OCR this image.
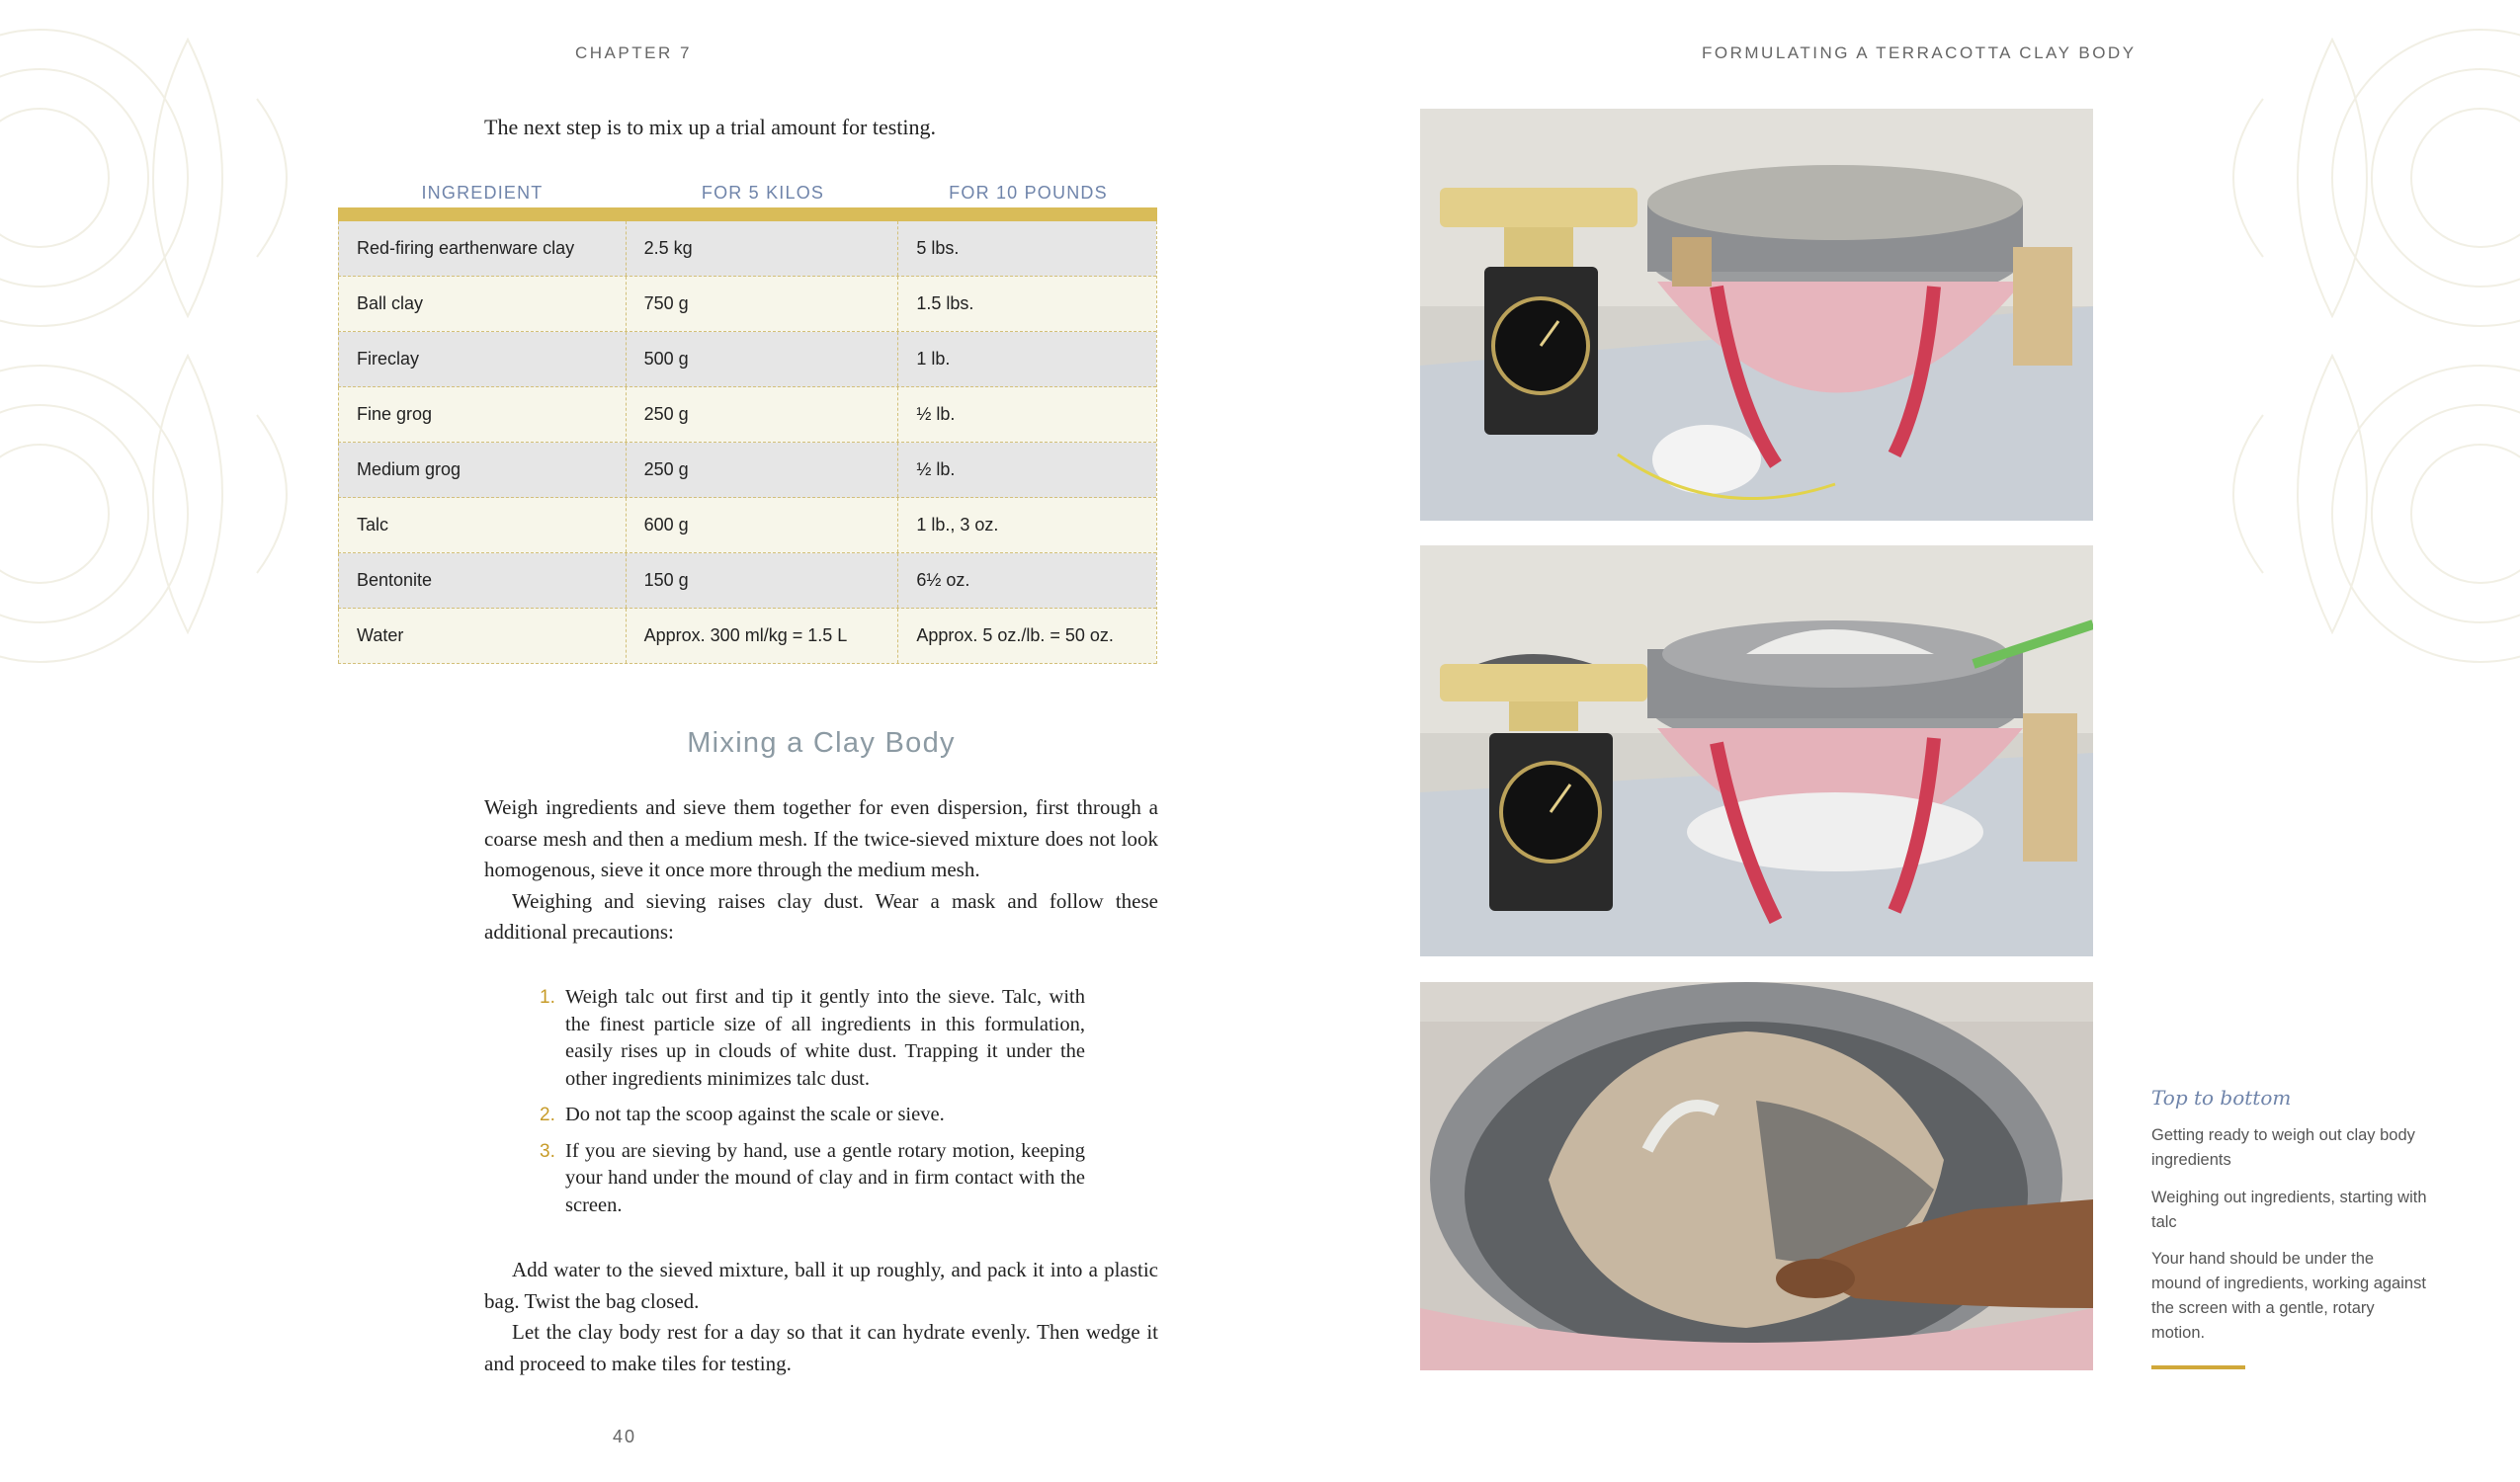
CHAPTER 7
The next step is to mix up a trial amount for testing.
INGREDIENT	FOR 5 KILOS	FOR 10 POUNDS
Red-firing earthenware clay	2.5 kg	5 lbs.
Ball clay	750 g	1.5 lbs.
Fireclay	500 g	1 lb.
Fine grog	250 g	½ lb.
Medium grog	250 g	½ lb.
Talc	600 g	1 lb., 3 oz.
Bentonite	150 g	6½ oz.
Water	Approx. 300 ml/kg = 1.5 L	Approx. 5 oz./lb. = 50 oz.
Mixing a Clay Body

Weigh ingredients and sieve them together for even dispersion, first through a coarse mesh and then a medium mesh. If the twice-sieved mixture does not look homogenous, sieve it once more through the medium mesh.

Weighing and sieving raises clay dust. Wear a mask and follow these additional precautions:

1. Weigh talc out first and tip it gently into the sieve. Talc, with the finest particle size of all ingredients in this formulation, easily rises up in clouds of white dust. Trapping it under the other ingredients minimizes talc dust.
2. Do not tap the scoop against the scale or sieve.
3. If you are sieving by hand, use a gentle rotary motion, keeping your hand under the mound of clay and in firm contact with the screen.

Add water to the sieved mixture, ball it up roughly, and pack it into a plastic bag. Twist the bag closed.

Let the clay body rest for a day so that it can hydrate evenly. Then wedge it and proceed to make tiles for testing.

40
FORMULATING A TERRACOTTA CLAY BODY
Top to bottom
Getting ready to weigh out clay body ingredients
Weighing out ingredients, starting with talc
Your hand should be under the mound of ingredients, working against the screen with a gentle, rotary motion.
